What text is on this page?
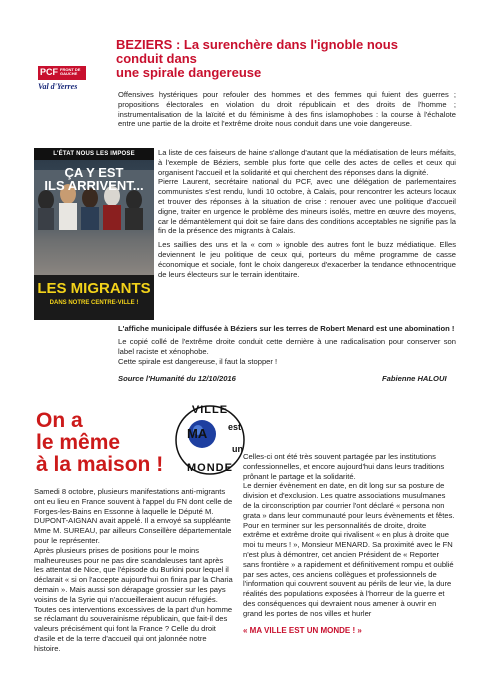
BEZIERS : La surenchère dans l'ignoble nous
conduit dans
une spirale dangereuse
PCF FRONT DE GAUCHE
Val d'Yerres

Offensives hystériques pour refouler des hommes et des femmes qui fuient des guerres ; propositions électorales en violation du droit républicain et des droits de l'homme ; instrumentalisation de la laïcité et du féminisme à des fins islamophobes : la course à l'échalote entre une partie de la droite et l'extrême droite nous conduit dans une voie dangereuse.

L'ÉTAT NOUS LES IMPOSE
ÇA Y EST
ILS ARRIVENT...
LES MIGRANTS
DANS NOTRE CENTRE-VILLE !

La liste de ces faiseurs de haine s'allonge d'autant que la médiatisation de leurs méfaits, à l'exemple de Béziers, semble plus forte que celle des actes de celles et ceux qui organisent l'accueil et la solidarité et qui cherchent des réponses dans la dignité.

Pierre Laurent, secrétaire national du PCF, avec une délégation de parlementaires communistes s'est rendu, lundi 10 octobre, à Calais, pour rencontrer les acteurs locaux et trouver des réponses à la situation de crise : renouer avec une politique d'accueil digne, traiter en urgence le problème des mineurs isolés, mettre en œuvre des moyens, car le démantèlement qui doit se faire dans des conditions acceptables ne signifie pas la fin de la présence des migrants à Calais.

Les saillies des uns et la « com » ignoble des autres font le buzz médiatique. Elles deviennent le jeu politique de ceux qui, porteurs du même programme de casse économique et sociale, font le choix dangereux d'exacerber la tendance ethnocentrique de leurs électeurs sur le terrain identitaire.

L'affiche municipale diffusée à Béziers sur les terres de Robert Menard est une abomination !

Le copié collé de l'extrême droite conduit cette dernière à une radicalisation pour conserver son label raciste et xénophobe.

Cette spirale est dangereuse, il faut la stopper !

Source l'Humanité du 12/10/2016	Fabienne HALOUI
On a
le même
à la maison !
VILLE
MA	est
un
MONDE
Samedi 8 octobre, plusieurs manifestations anti-migrants ont eu lieu en France souvent à l'appel du FN dont celle de Forges-les-Bains en Essonne à laquelle le Député M. DUPONT-AIGNAN avait appelé. Il a envoyé sa suppléante Mme M. SUREAU, par ailleurs Conseillère départementale pour le représenter.
Après plusieurs prises de positions pour le moins malheureuses pour ne pas dire scandaleuses tant après les attentat de Nice, que l'épisode du Burkini pour lequel il déclarait « si on l'accepte aujourd'hui on finira par la Charia demain ». Mais aussi son dérapage grossier sur les pays voisins de la Syrie qui n'accueilleraient aucun réfugiés.
Toutes ces interventions excessives de la part d'un homme se réclamant du souverainisme républicain, que fait-il des valeurs précisément qui font la France ? Celle du droit d'asile et de la terre d'accueil qui ont jalonnée notre histoire.
Celles-ci ont été très souvent partagée par les institutions confessionnelles, et encore aujourd'hui dans leurs traditions prônant le partage et la solidarité.
Le dernier évènement en date, en dit long sur sa posture de division et d'exclusion. Les quatre associations musulmanes de la circonscription par courrier l'ont déclaré « persona non grata » dans leur communauté pour leurs évènements et fêtes.
Pour en terminer sur les personnalités de droite, droite extrême et extrême droite qui rivalisent « en plus à droite que moi tu meurs ! », Monsieur MENARD. Sa proximité avec le FN n'est plus à démontrer, cet ancien Président de « Reporter sans frontière » a rapidement et définitivement rompu et oublié par ses actes, ces anciens collègues et professionnels de l'information qui couvrent souvent au périls de leur vie, la dure réalités des populations exposées à l'horreur de la guerre et des conséquences qui devraient nous amener à ouvrir en grand les portes de nos villes et hurler
« MA VILLE EST UN MONDE ! »
